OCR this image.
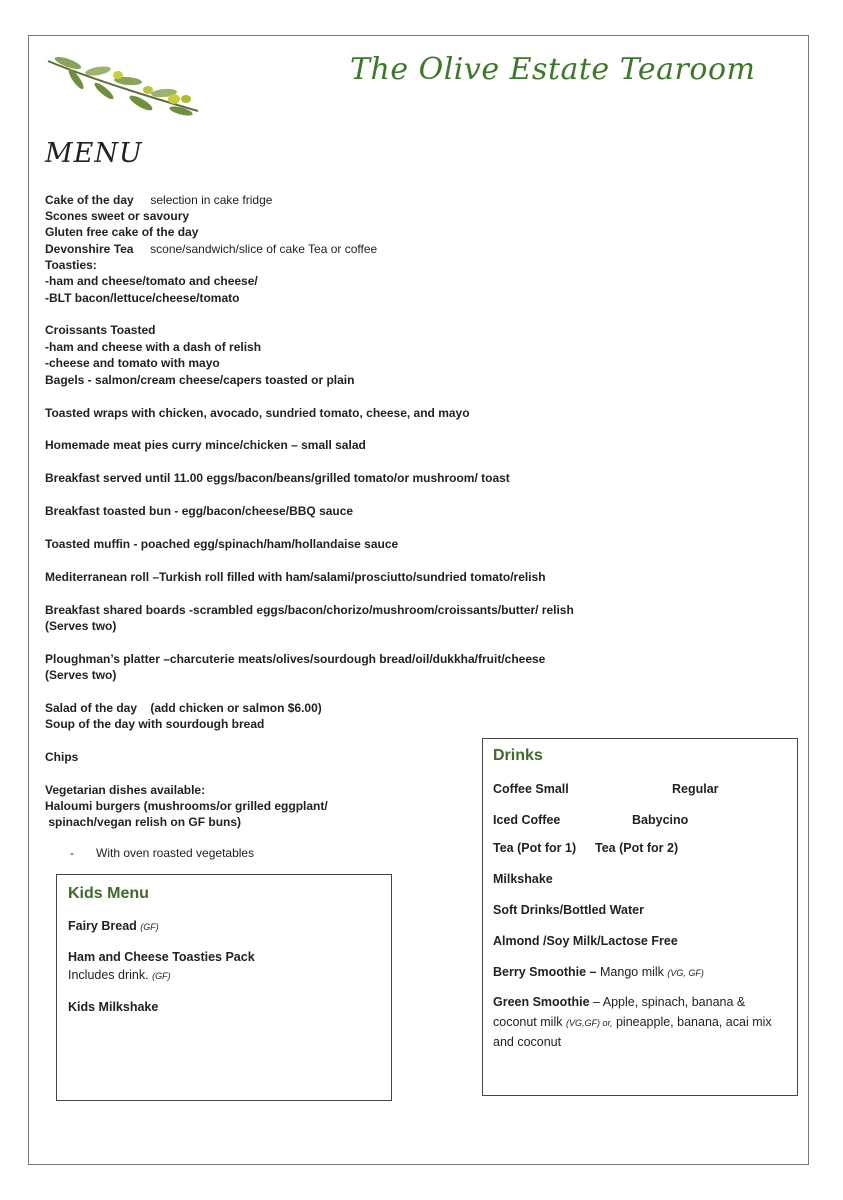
The Olive Estate Tearoom
MENU
Cake of the day selection in cake fridge
Scones sweet or savoury
Gluten free cake of the day
Devonshire Tea scone/sandwich/slice of cake Tea or coffee
Toasties:
-ham and cheese/tomato and cheese/
-BLT bacon/lettuce/cheese/tomato
Croissants Toasted
-ham and cheese with a dash of relish
-cheese and tomato with mayo
Bagels - salmon/cream cheese/capers toasted or plain
Toasted wraps with chicken, avocado, sundried tomato, cheese, and mayo
Homemade meat pies curry mince/chicken – small salad
Breakfast served until 11.00 eggs/bacon/beans/grilled tomato/or mushroom/ toast
Breakfast toasted bun - egg/bacon/cheese/BBQ sauce
Toasted muffin - poached egg/spinach/ham/hollandaise sauce
Mediterranean roll –Turkish roll filled with ham/salami/prosciutto/sundried tomato/relish
Breakfast shared boards -scrambled eggs/bacon/chorizo/mushroom/croissants/butter/ relish
(Serves two)
Ploughman’s platter –charcuterie meats/olives/sourdough bread/oil/dukkha/fruit/cheese
(Serves two)
Salad of the day (add chicken or salmon $6.00)
Soup of the day with sourdough bread
Chips
Vegetarian dishes available:
Haloumi burgers (mushrooms/or grilled eggplant/
spinach/vegan relish on GF buns)
- With oven roasted vegetables
Kids Menu
Fairy Bread (GF)
Ham and Cheese Toasties Pack
Includes drink. (GF)
Kids Milkshake
Drinks
Coffee Small	Regular
Iced Coffee	Babycino
Tea (Pot for 1) Tea (Pot for 2)
Milkshake
Soft Drinks/Bottled Water
Almond /Soy Milk/Lactose Free
Berry Smoothie – Mango milk (VG, GF)
Green Smoothie – Apple, spinach, banana &
coconut milk (VG,GF) or, pineapple, banana, acai mix
and coconut
